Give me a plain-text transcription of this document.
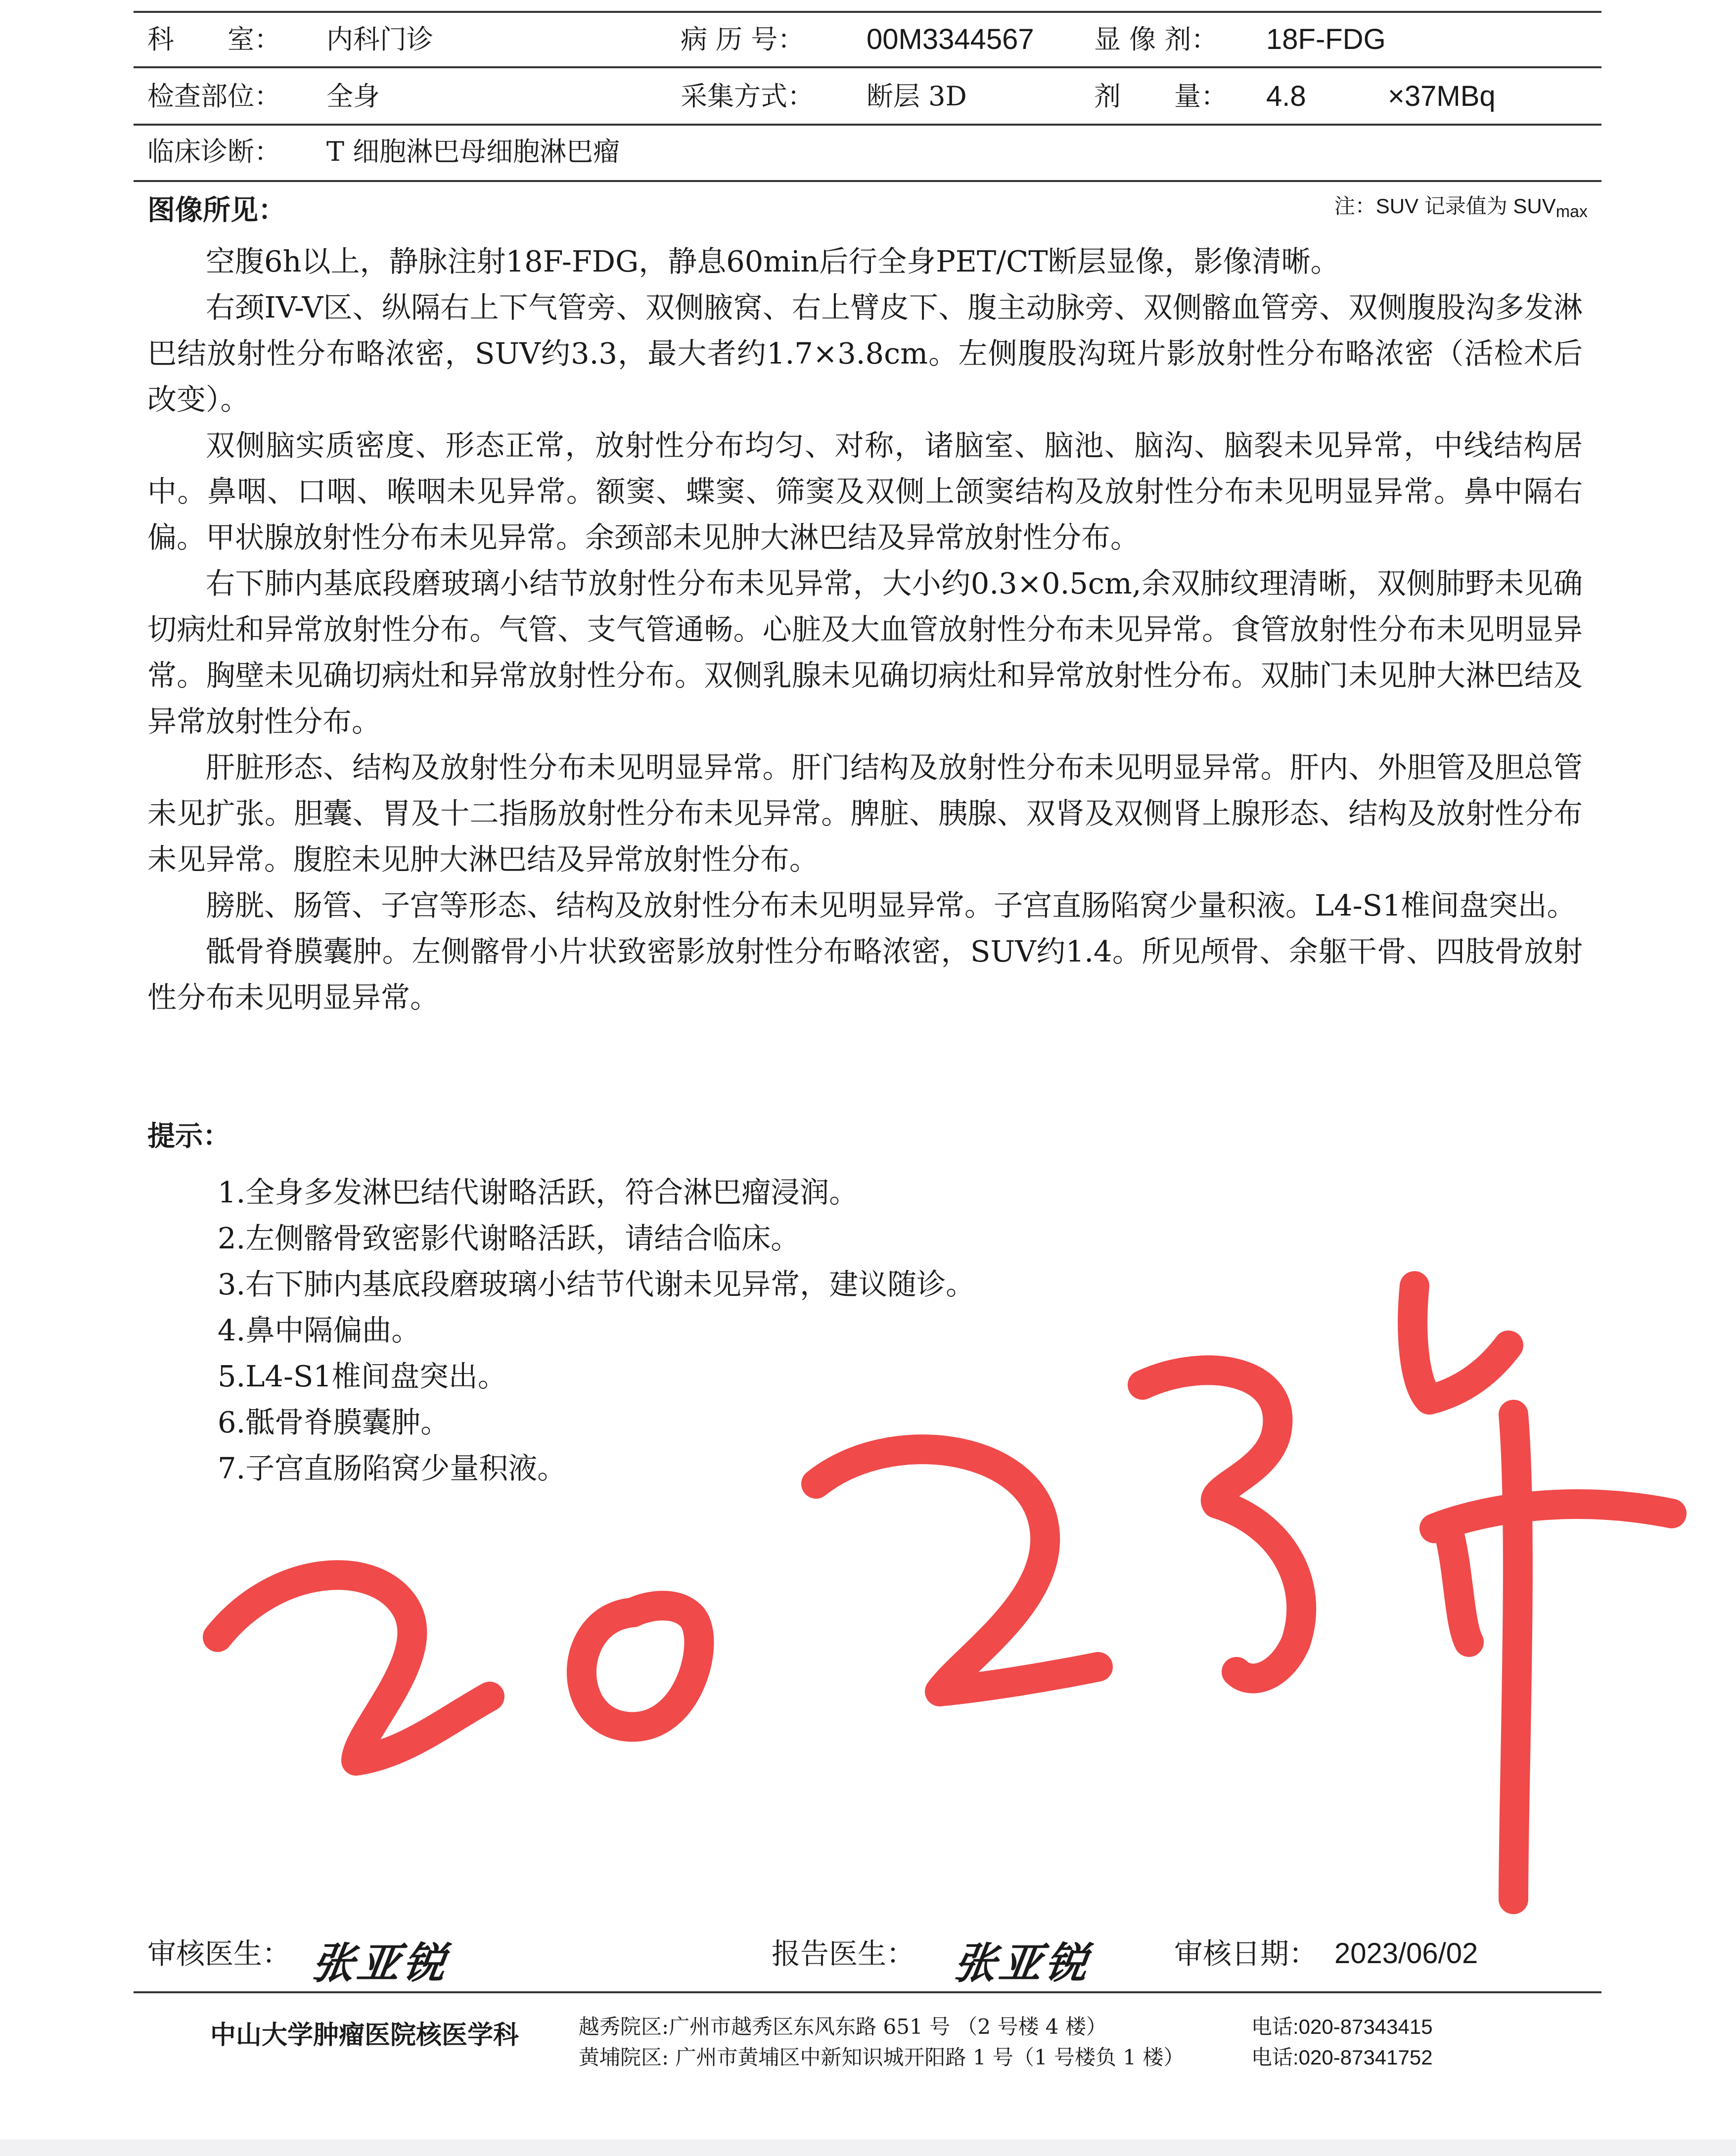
科　　室： 内科门诊	病 历 号： 00M3344567 显 像 剂： 18F-FDG
检查部位： 全身	采集方式： 断层 3D	剂　　量： 4.8	×37MBq
临床诊断： T 细胞淋巴母细胞淋巴瘤
图像所见：	注：SUV 记录值为 $SUV_{max}$

空腹6h以上，静脉注射18F-FDG，静息60min后行全身PET/CT断层显像，影像清晰。

右颈IV-V区、纵隔右上下气管旁、双侧腋窝、右上臂皮下、腹主动脉旁、双侧髂血管旁、双侧腹股沟多发淋巴结放射性分布略浓密，SUV约3.3，最大者约1.7×3.8cm。左侧腹股沟斑片影放射性分布略浓密（活检术后改变）。

双侧脑实质密度、形态正常，放射性分布均匀、对称，诸脑室、脑池、脑沟、脑裂未见异常，中线结构居中。鼻咽、口咽、喉咽未见异常。额窦、蝶窦、筛窦及双侧上颌窦结构及放射性分布未见明显异常。鼻中隔右偏。甲状腺放射性分布未见异常。余颈部未见肿大淋巴结及异常放射性分布。

右下肺内基底段磨玻璃小结节放射性分布未见异常，大小约0.3×0.5cm,余双肺纹理清晰，双侧肺野未见确切病灶和异常放射性分布。气管、支气管通畅。心脏及大血管放射性分布未见异常。食管放射性分布未见明显异常。胸壁未见确切病灶和异常放射性分布。双侧乳腺未见确切病灶和异常放射性分布。双肺门未见肿大淋巴结及异常放射性分布。

肝脏形态、结构及放射性分布未见明显异常。肝门结构及放射性分布未见明显异常。肝内、外胆管及胆总管未见扩张。胆囊、胃及十二指肠放射性分布未见异常。脾脏、胰腺、双肾及双侧肾上腺形态、结构及放射性分布未见异常。腹腔未见肿大淋巴结及异常放射性分布。

膀胱、肠管、子宫等形态、结构及放射性分布未见明显异常。子宫直肠陷窝少量积液。L4-S1椎间盘突出。

骶骨脊膜囊肿。左侧髂骨小片状致密影放射性分布略浓密，SUV约1.4。所见颅骨、余躯干骨、四肢骨放射性分布未见明显异常。

提示：
1.全身多发淋巴结代谢略活跃，符合淋巴瘤浸润。
2.左侧髂骨致密影代谢略活跃，请结合临床。
3.右下肺内基底段磨玻璃小结节代谢未见异常，建议随诊。
4.鼻中隔偏曲。
5.L4-S1椎间盘突出。
6.骶骨脊膜囊肿。
7.子宫直肠陷窝少量积液。
审核医生： 张亚锐	报告医生： 张亚锐	审核日期： 2023/06/02
中山大学肿瘤医院核医学科	越秀院区:广州市越秀区东风东路 651 号 （2 号楼 4 楼）	电话:020-87343415
黄埔院区: 广州市黄埔区中新知识城开阳路 1 号（1 号楼负 1 楼）	电话:020-87341752
